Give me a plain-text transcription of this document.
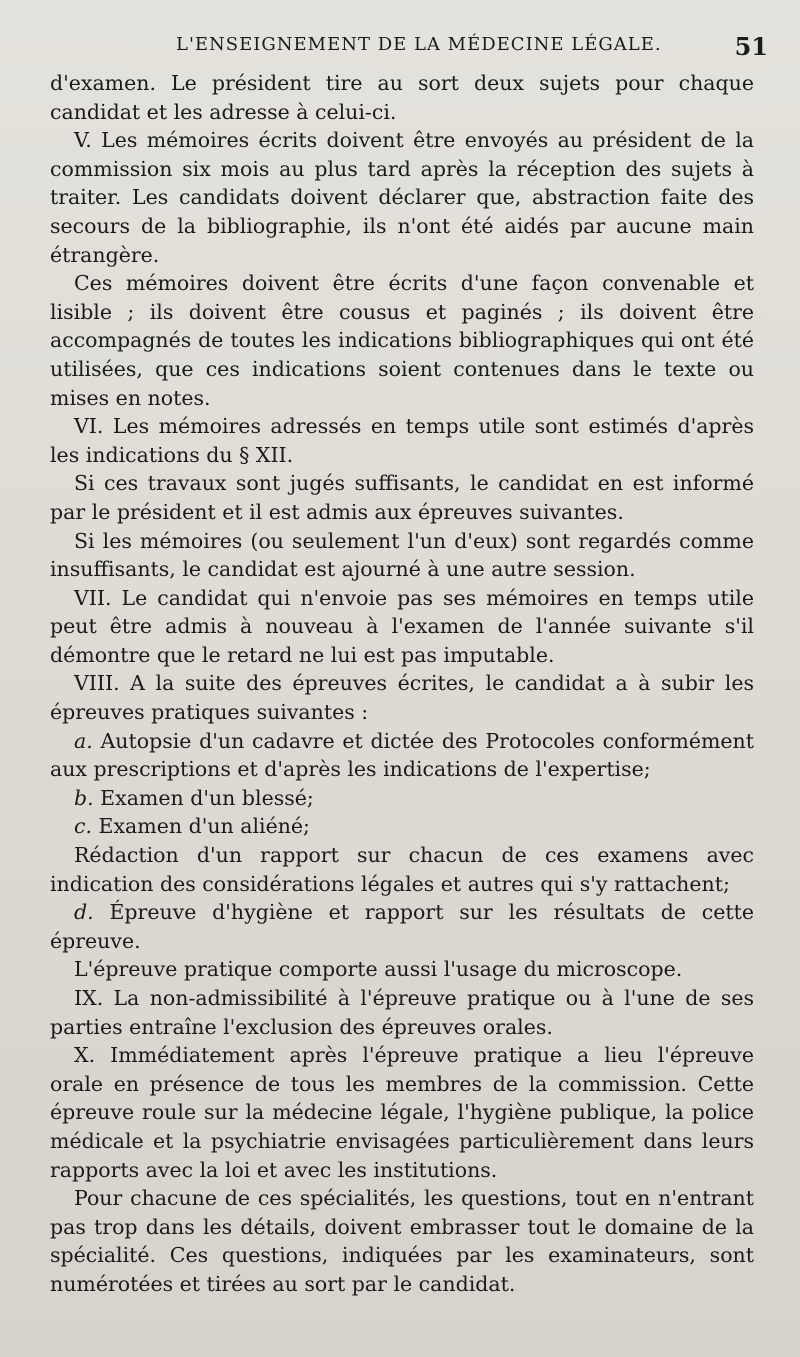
L'ENSEIGNEMENT DE LA MÉDECINE LÉGALE.	51

d'examen. Le président tire au sort deux sujets pour chaque candidat et les adresse à celui-ci.

V. Les mémoires écrits doivent être envoyés au président de la commission six mois au plus tard après la réception des sujets à traiter. Les candidats doivent déclarer que, abstraction faite des secours de la bibliographie, ils n'ont été aidés par aucune main étrangère.

Ces mémoires doivent être écrits d'une façon convenable et lisible ; ils doivent être cousus et paginés ; ils doivent être accompagnés de toutes les indications bibliographiques qui ont été utilisées, que ces indications soient contenues dans le texte ou mises en notes.

VI. Les mémoires adressés en temps utile sont estimés d'après les indications du § XII.

Si ces travaux sont jugés suffisants, le candidat en est informé par le président et il est admis aux épreuves suivantes.

Si les mémoires (ou seulement l'un d'eux) sont regardés comme insuffisants, le candidat est ajourné à une autre session.

VII. Le candidat qui n'envoie pas ses mémoires en temps utile peut être admis à nouveau à l'examen de l'année suivante s'il démontre que le retard ne lui est pas imputable.

VIII. A la suite des épreuves écrites, le candidat a à subir les épreuves pratiques suivantes :

a. Autopsie d'un cadavre et dictée des Protocoles conformément aux prescriptions et d'après les indications de l'expertise;

b. Examen d'un blessé;

c. Examen d'un aliéné;

Rédaction d'un rapport sur chacun de ces examens avec indication des considérations légales et autres qui s'y rattachent;

d. Épreuve d'hygiène et rapport sur les résultats de cette épreuve.

L'épreuve pratique comporte aussi l'usage du microscope.

IX. La non-admissibilité à l'épreuve pratique ou à l'une de ses parties entraîne l'exclusion des épreuves orales.

X. Immédiatement après l'épreuve pratique a lieu l'épreuve orale en présence de tous les membres de la commission. Cette épreuve roule sur la médecine légale, l'hygiène publique, la police médicale et la psychiatrie envisagées particulièrement dans leurs rapports avec la loi et avec les institutions.

Pour chacune de ces spécialités, les questions, tout en n'entrant pas trop dans les détails, doivent embrasser tout le domaine de la spécialité. Ces questions, indiquées par les examinateurs, sont numérotées et tirées au sort par le candidat.
